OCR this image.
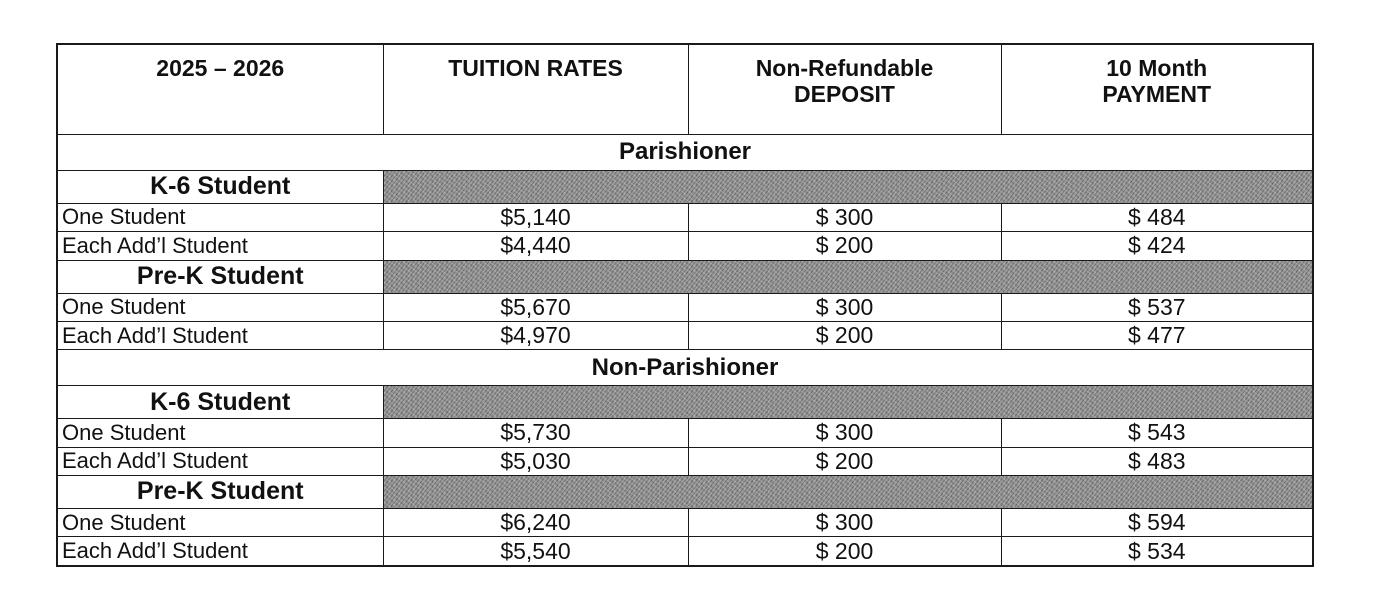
2025 – 2026	TUITION RATES	Non-Refundable DEPOSIT	10 Month PAYMENT
Parishioner			
K-6 Student			
One Student	$5,140	$ 300	$ 484
Each Add’l Student	$4,440	$ 200	$ 424
Pre-K Student			
One Student	$5,670	$ 300	$ 537
Each Add’l Student	$4,970	$ 200	$ 477
Non-Parishioner			
K-6 Student			
One Student	$5,730	$ 300	$ 543
Each Add’l Student	$5,030	$ 200	$ 483
Pre-K Student			
One Student	$6,240	$ 300	$ 594
Each Add’l Student	$5,540	$ 200	$ 534
